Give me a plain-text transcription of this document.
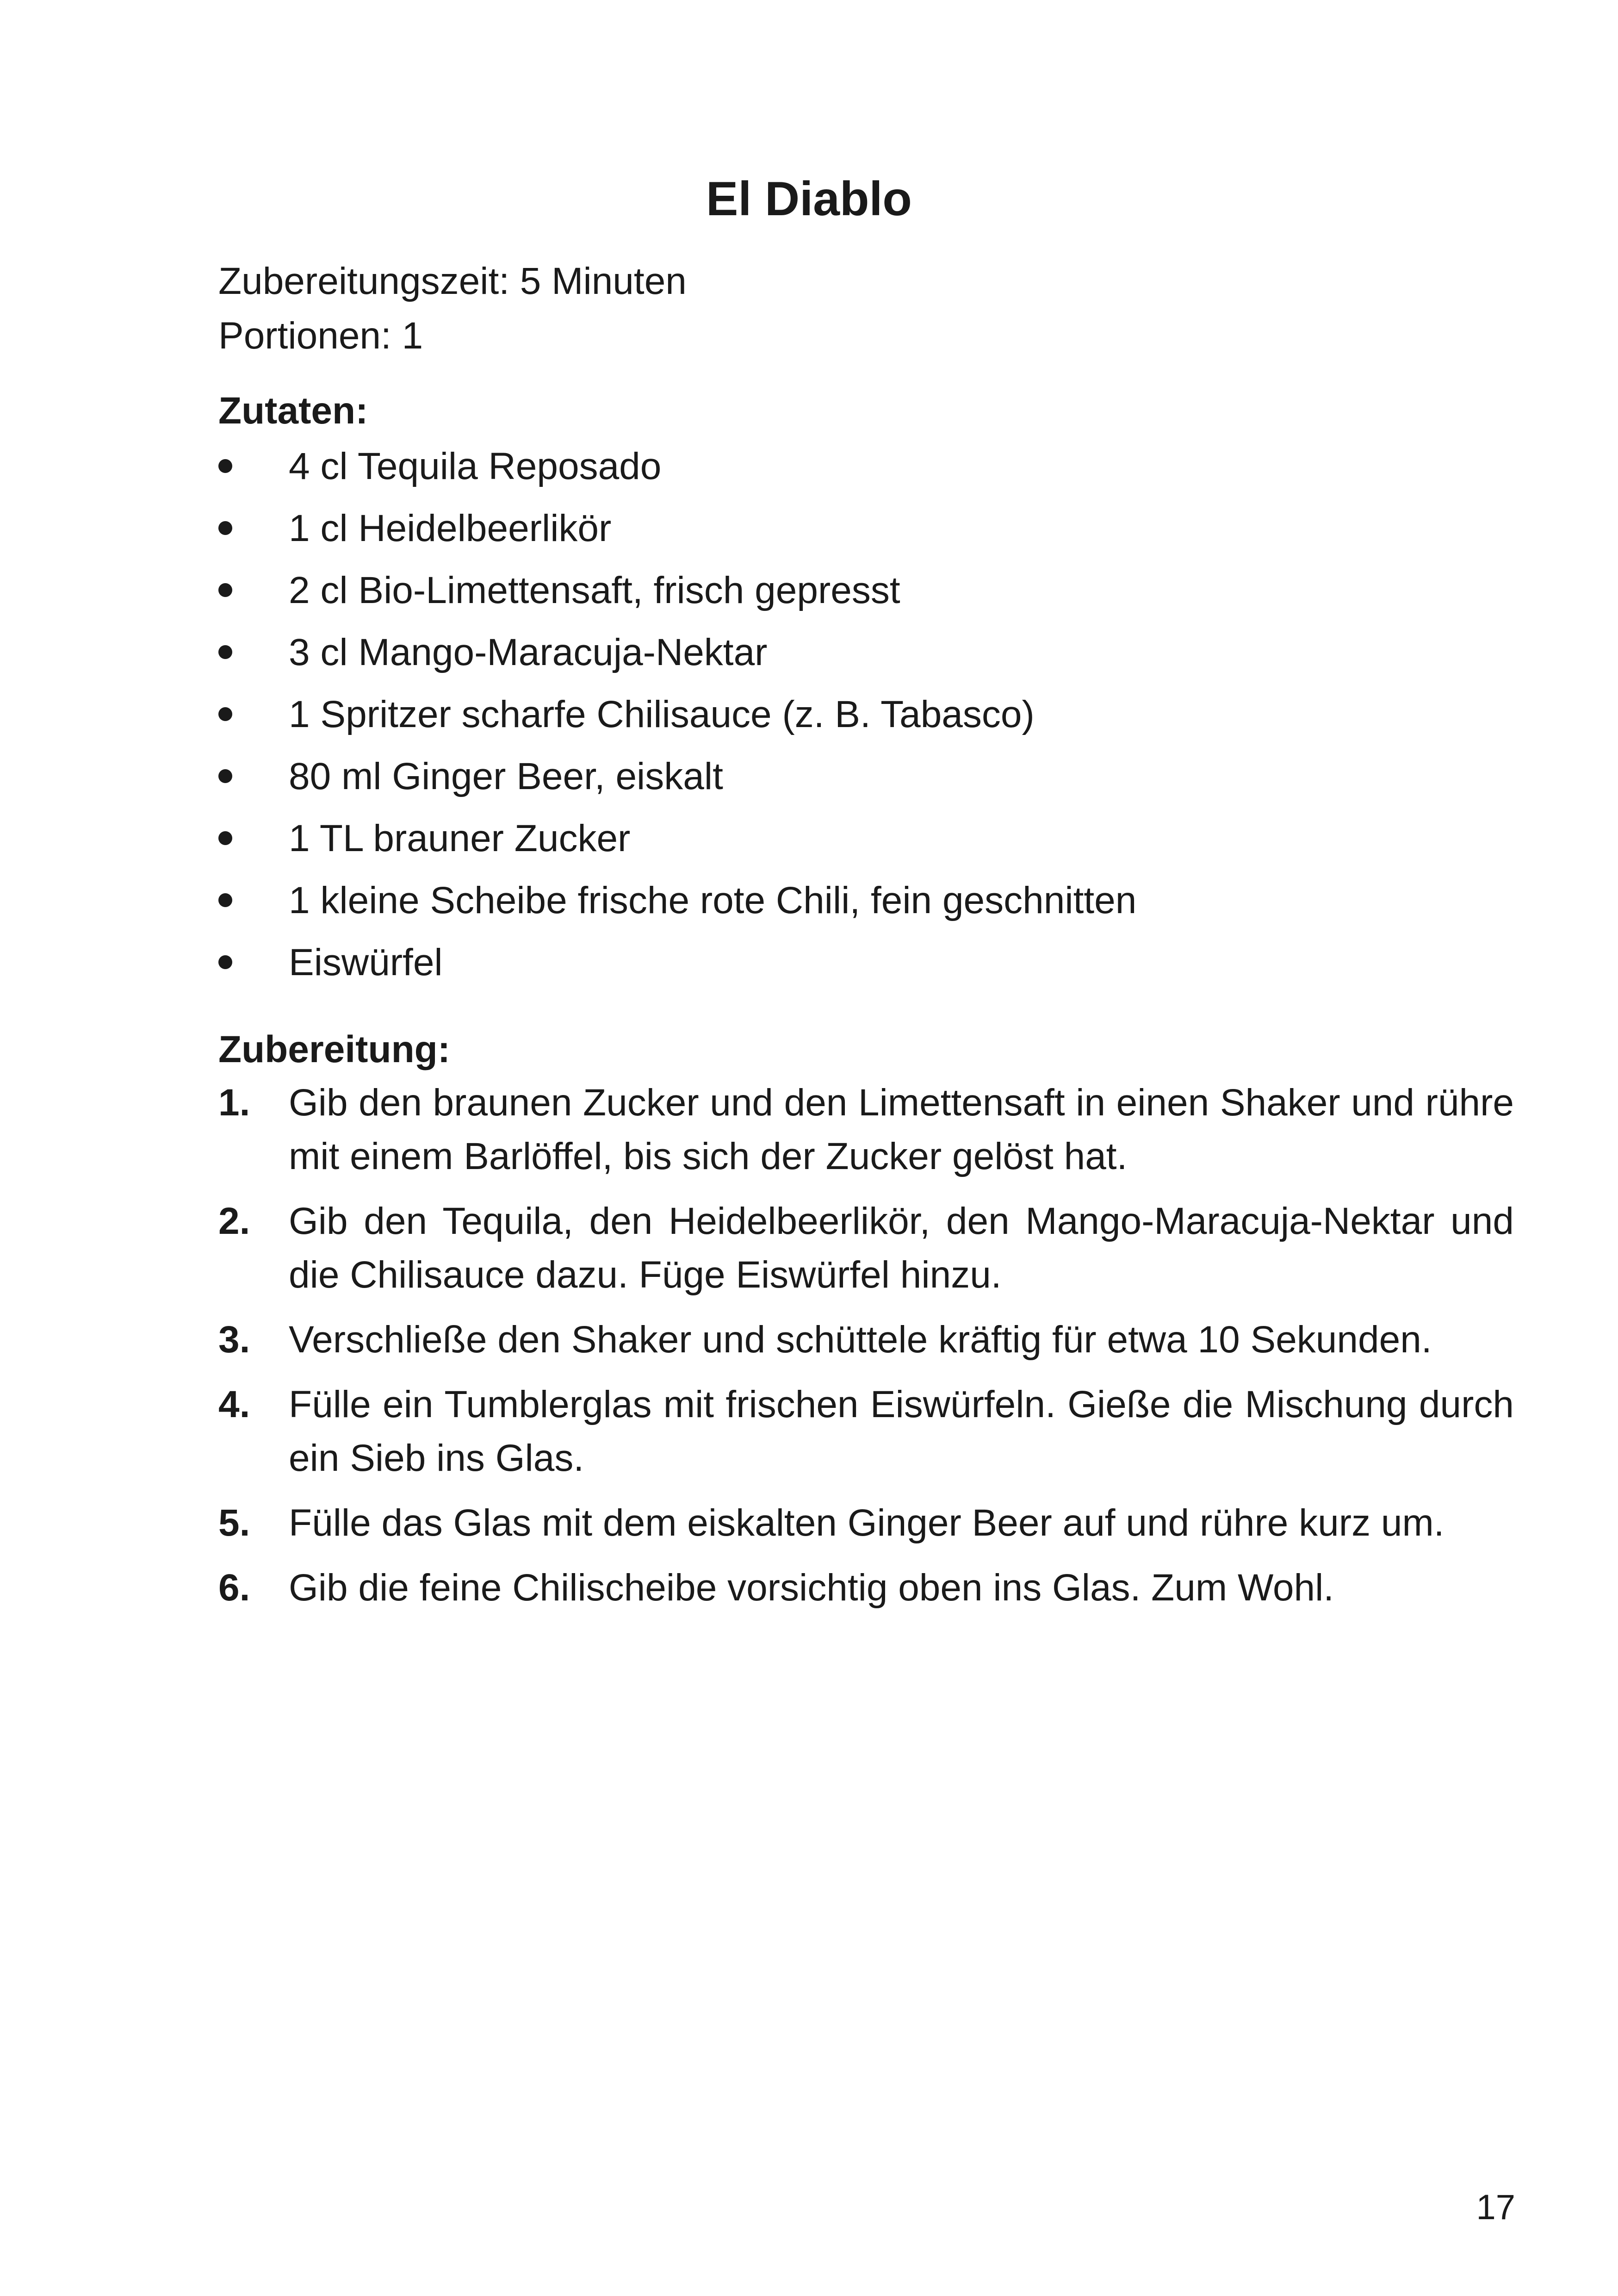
El Diablo

Zubereitungszeit: 5 Minuten

Portionen: 1

Zutaten:
4 cl Tequila Reposado
1 cl Heidelbeerlikör
2 cl Bio-Limettensaft, frisch gepresst
3 cl Mango-Maracuja-Nektar
1 Spritzer scharfe Chilisauce (z. B. Tabasco)
80 ml Ginger Beer, eiskalt
1 TL brauner Zucker
1 kleine Scheibe frische rote Chili, fein geschnitten
Eiswürfel
Zubereitung:
1. Gib den braunen Zucker und den Limettensaft in einen Shaker und rühre mit einem Barlöffel, bis sich der Zucker gelöst hat.
2. Gib den Tequila, den Heidelbeerlikör, den Mango-Maracuja-Nektar und die Chilisauce dazu. Füge Eiswürfel hinzu.
3. Verschließe den Shaker und schüttele kräftig für etwa 10 Sekunden.
4. Fülle ein Tumblerglas mit frischen Eiswürfeln. Gieße die Mischung durch ein Sieb ins Glas.
5. Fülle das Glas mit dem eiskalten Ginger Beer auf und rühre kurz um.
6. Gib die feine Chilischeibe vorsichtig oben ins Glas. Zum Wohl.
17
